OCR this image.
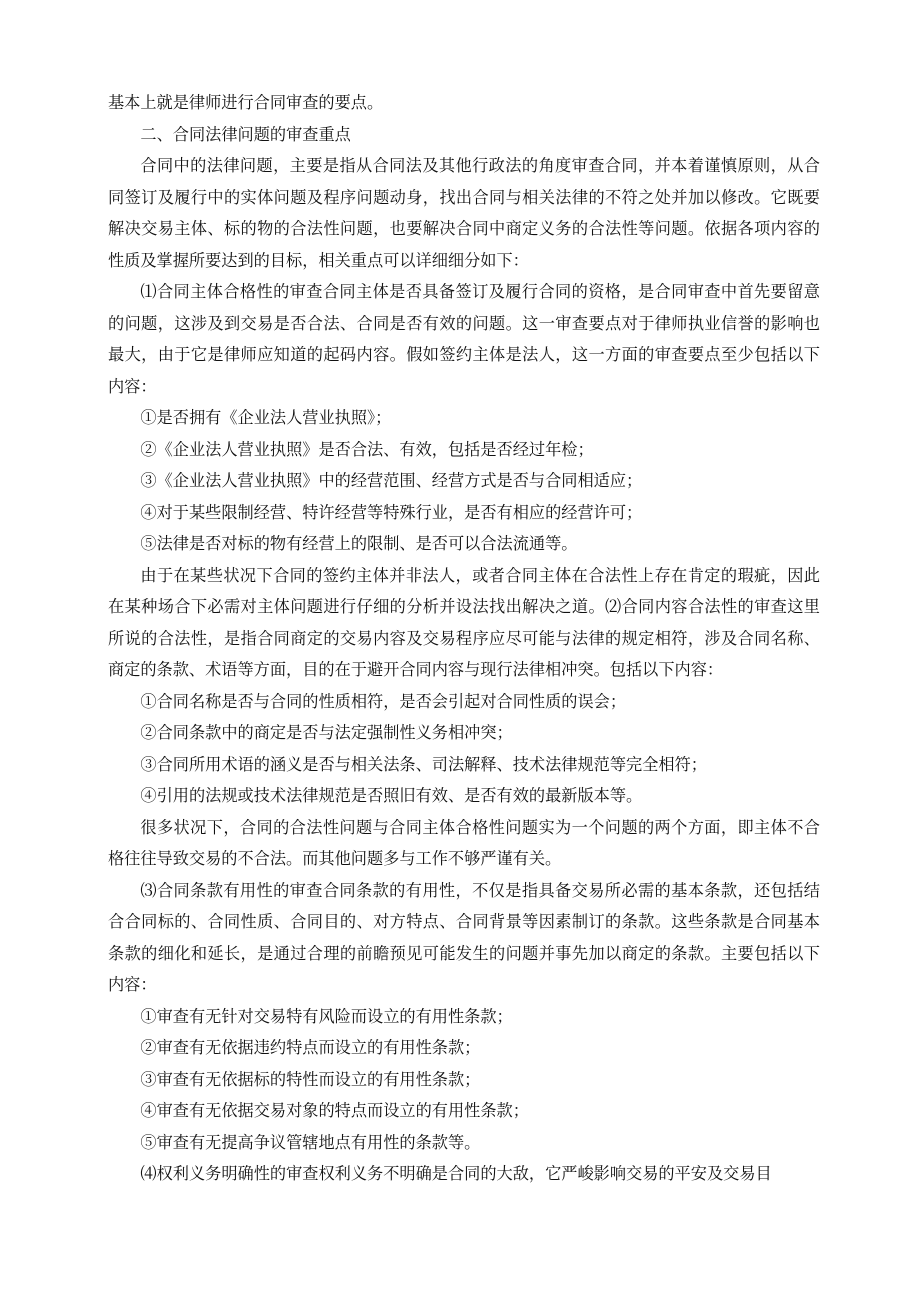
基本上就是律师进行合同审查的要点。

二、合同法律问题的审查重点

合同中的法律问题，主要是指从合同法及其他行政法的角度审查合同，并本着谨慎原则，从合同签订及履行中的实体问题及程序问题动身，找出合同与相关法律的不符之处并加以修改。它既要解决交易主体、标的物的合法性问题，也要解决合同中商定义务的合法性等问题。依据各项内容的性质及掌握所要达到的目标，相关重点可以详细细分如下：

⑴合同主体合格性的审查合同主体是否具备签订及履行合同的资格，是合同审查中首先要留意的问题，这涉及到交易是否合法、合同是否有效的问题。这一审查要点对于律师执业信誉的影响也最大，由于它是律师应知道的起码内容。假如签约主体是法人，这一方面的审查要点至少包括以下内容：

①是否拥有《企业法人营业执照》；

②《企业法人营业执照》是否合法、有效，包括是否经过年检；

③《企业法人营业执照》中的经营范围、经营方式是否与合同相适应；

④对于某些限制经营、特许经营等特殊行业，是否有相应的经营许可；

⑤法律是否对标的物有经营上的限制、是否可以合法流通等。

由于在某些状况下合同的签约主体并非法人，或者合同主体在合法性上存在肯定的瑕疵，因此在某种场合下必需对主体问题进行仔细的分析并设法找出解决之道。⑵合同内容合法性的审查这里所说的合法性，是指合同商定的交易内容及交易程序应尽可能与法律的规定相符，涉及合同名称、商定的条款、术语等方面，目的在于避开合同内容与现行法律相冲突。包括以下内容：

①合同名称是否与合同的性质相符，是否会引起对合同性质的误会；

②合同条款中的商定是否与法定强制性义务相冲突；

③合同所用术语的涵义是否与相关法条、司法解释、技术法律规范等完全相符；

④引用的法规或技术法律规范是否照旧有效、是否有效的最新版本等。

很多状况下，合同的合法性问题与合同主体合格性问题实为一个问题的两个方面，即主体不合格往往导致交易的不合法。而其他问题多与工作不够严谨有关。

⑶合同条款有用性的审查合同条款的有用性，不仅是指具备交易所必需的基本条款，还包括结合合同标的、合同性质、合同目的、对方特点、合同背景等因素制订的条款。这些条款是合同基本条款的细化和延长，是通过合理的前瞻预见可能发生的问题并事先加以商定的条款。主要包括以下内容：

①审查有无针对交易特有风险而设立的有用性条款；

②审查有无依据违约特点而设立的有用性条款；

③审查有无依据标的特性而设立的有用性条款；

④审查有无依据交易对象的特点而设立的有用性条款；

⑤审查有无提高争议管辖地点有用性的条款等。

⑷权利义务明确性的审查权利义务不明确是合同的大敌，它严峻影响交易的平安及交易目
